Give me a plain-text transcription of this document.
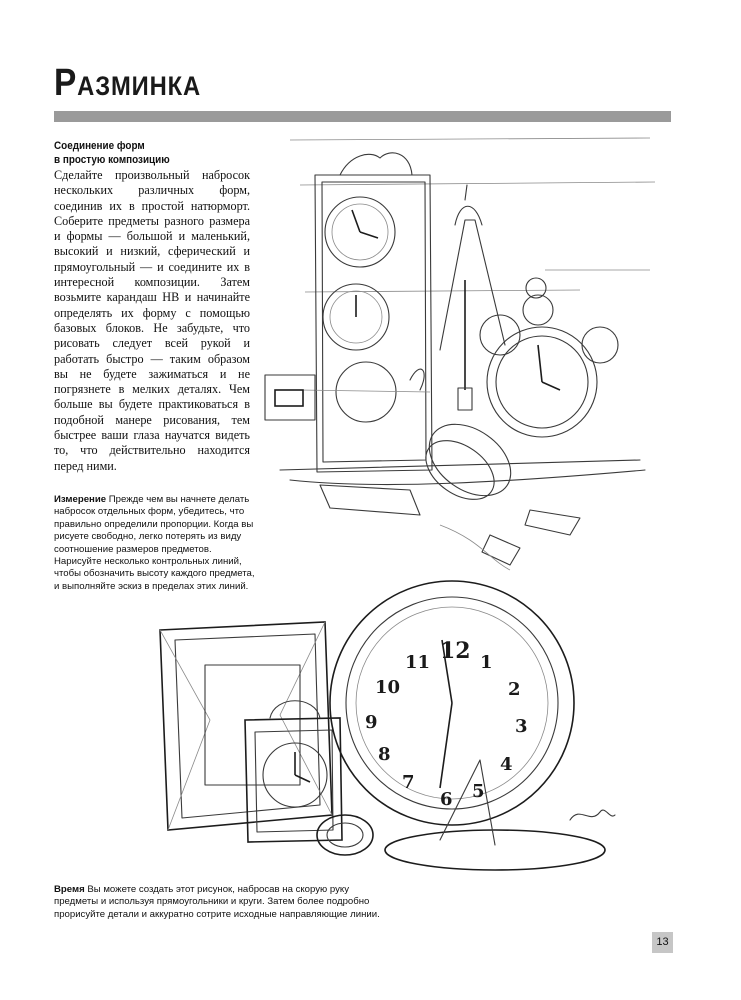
Разминка
Соединение форм
в простую композицию

Сделайте произвольный набросок нескольких различных форм, соединив их в простой натюрморт. Соберите предметы разного размера и формы — большой и маленький, высокий и низкий, сферический и прямоугольный — и соедините их в интересной композиции. Затем возьмите карандаш НВ и начинайте определять их форму с помощью базовых блоков. Не забудьте, что рисовать следует всей рукой и работать быстро — таким образом вы не будете зажиматься и не погрязнете в мелких деталях. Чем больше вы будете практиковаться в подобной манере рисования, тем быстрее ваши глаза научатся видеть то, что действительно находится перед ними.

Измерение Прежде чем вы начнете делать набросок отдельных форм, убедитесь, что правильно определили пропорции. Когда вы рисуете свободно, легко потерять из виду соотношение размеров предметов. Нарисуйте несколько контрольных линий, чтобы обозначить высоту каждого предмета, и выполняйте эскиз в пределах этих линий.

12 1
2
3
4
5
6
7
8
9
10
11

Время Вы можете создать этот рисунок, набросав на скорую руку предметы и используя прямоугольники и круги. Затем более подробно прорисуйте детали и аккуратно сотрите исходные направляющие линии.

13
